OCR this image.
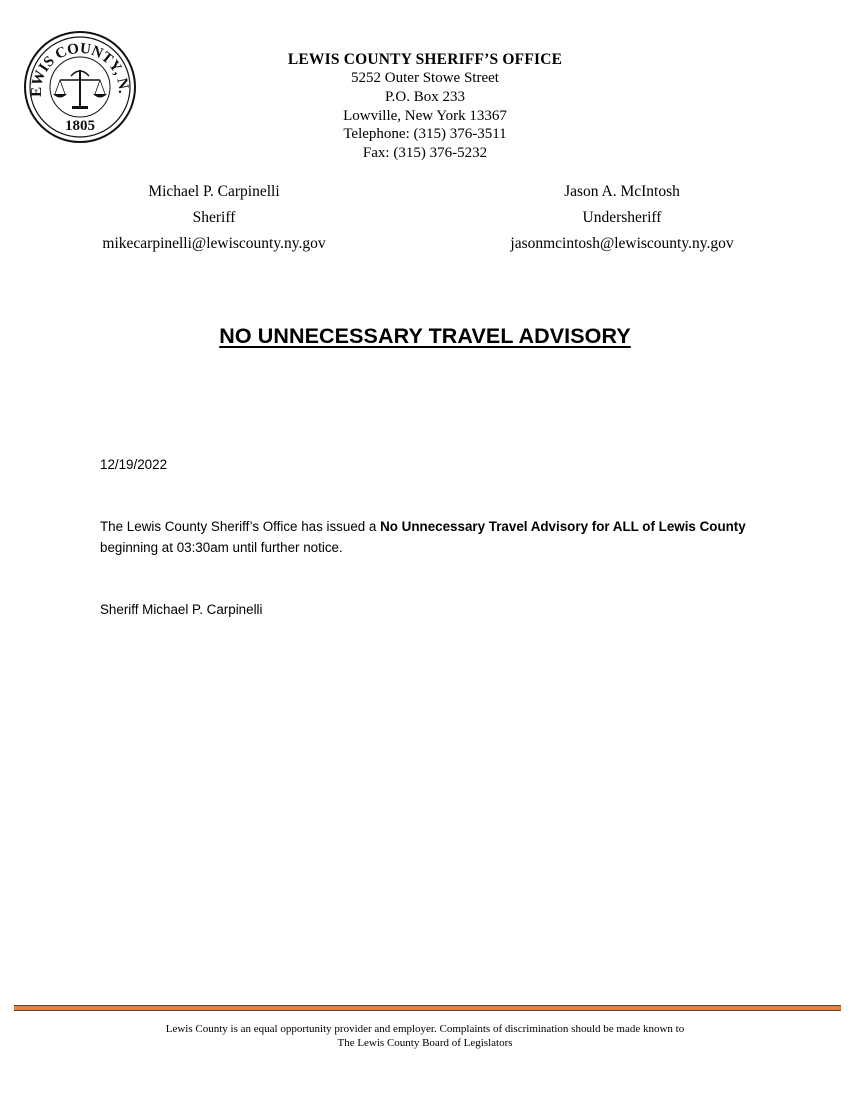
EWIS COUNTY, N.
1805
LEWIS COUNTY SHERIFF’S OFFICE
5252 Outer Stowe Street
P.O. Box 233
Lowville, New York 13367
Telephone: (315) 376-3511
Fax: (315) 376-5232
Michael P. Carpinelli
Sheriff
mikecarpinelli@lewiscounty.ny.gov
Jason A. McIntosh
Undersheriff
jasonmcintosh@lewiscounty.ny.gov
NO UNNECESSARY TRAVEL ADVISORY
12/19/2022
The Lewis County Sheriff’s Office has issued a No Unnecessary Travel Advisory for ALL of Lewis County
beginning at 03:30am until further notice.
Sheriff Michael P. Carpinelli
Lewis County is an equal opportunity provider and employer. Complaints of discrimination should be made known to
The Lewis County Board of Legislators
